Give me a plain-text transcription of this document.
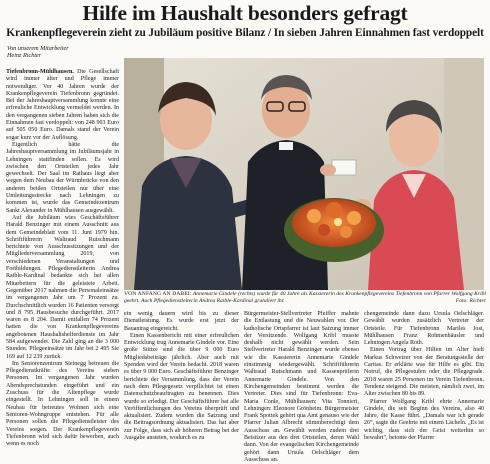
Hilfe im Haushalt besonders gefragt
Krankenpflegeverein zieht zu Jubiläum positive Bilanz / In sieben Jahren Einnahmen fast verdoppelt
Von unserem Mitarbeiter
Heinz Richter

Tiefenbronn-Mühlhausen. Die Gesellschaft wird immer älter und Pflege immer notwendiger. Vor 40 Jahren wurde der Krankenpflegeverein Tiefenbronn gegründet. Bei der Jahreshauptversammlung konnte eine erfreuliche Entwicklung vermeldet werden. In den vergangenen sieben Jahren haben sich die Einnahmen fast verdoppelt: von 248 903 Euro auf 505 050 Euro. Damals stand der Verein sogar kurz vor der Auflösung.

Eigentlich hätte die Jahreshauptversammlung im Jubiläumsjahr in Lehningen stattfinden sollen. Es wird zwischen den Ortsteilen jedes Jahr gewechselt. Der Saal im Rathaus liegt aber wegen dem Neubau der Würmbrücke von den anderen beiden Ortsteilen nur über eine Umleitungsstrecke nach Lehningen zu kommen ist, wurde das Gemeindezentrum Sankt Alexander in Mühlhausen ausgewählt.

Auf die Jubiläum wies Geschäftsführer Harald Benzinger mit einem Ausschnitt aus dem Gemeindeblatt vom 11. Juni 1979 hin. Schriftführerin Waltraud Rutschmann berichtete von Ausschussitzungen und der Mitgliederversammlung 2019, von verschiedenen Veranstaltungen und Fortbildungen. Pflegedienstleiterin Andrea Raible-Kardinal bedankte sich bei allen Mitarbeitern für die geleistete Arbeit. Gegenüber 2017 nahmen die Personaleinsätze im vergangenen Jahr um 7 Prozent zu. Durchschnittlich wurden 16 Patienten versorgt und 8 795 Hausbesuche durchgeführt. 2017 waren es 8 204. Damit entfallen 74 Prozent hatten die von Krankenpflegevereins angebotenen Haushaltshelferdienste im Jahr 584 aufgewendet. Die Zahl ging an die 3 000 Stunden. Pflegeeinsätze im Jahr bei 2 495 Sie 169 auf 12 239 zurück.

Im Seniorenzentrum Steinegg betreuen die Pflegedienstkräfte des Vereins sieben Personen. Im vergangenen Jahr wurden Abendsprechstunden eingeführt und ein Zuschuss für die Altenpflege wurde eingestellt. In Lehningen soll in einem Neubau für betreutes Wohnen sich eine Senioren-Wohngruppe entstehen. Für alle Personen sollen die Pflegedienstleister des Vereins sorgen. Der Krankenpflegeverein Tiefenbronn wird sich dafür bewerben, auch wenn es noch

VON ANFANG AN DABEI: Annemarie Gindele (rechts) wurde für 40 Jahre als Kassiererin des Krankenpflegevereins Tiefenbronn von Pfarrer Wolfgang Kribl geehrt. Auch Pflegedienstleiterin Andrea Raible-Kardinal gratuliert ihr.	Foto: Richter

ein wenig dauern wird bis zu dieser Dienstleistung. Es wurde erst jetzt der Bauantrag eingereicht.

Einen Kassenbericht mit einer erfreulichen Entwicklung trug Annemarie Gindele vor. Eine große Stütze sind die über 9 000 Euro Mitgliedsbeiträge jährlich. Aber auch mit Spenden wird der Verein bedacht. 2018 waren es über 9 000 Euro. Geschäftsführer Benzinger berichtete der Versammlung, dass der Verein nach dem Pflegegesetz verpflichtet ist einen Datenschutzbeauftragten zu benennen. Dies wurde so erledigt. Der Geschäftsführer hat alle Veröffentlichungen des Vereins überprüft und aktualisiert. Zudem wurden die Satzung und die Beitragsordnung aktualisiert. Das hat aber zur Folge, dass sich ab höheren Betrag bei der Ausgabe ansteten, wodurch es zu

Bürgermeister-Stellvertreter Pfeiffer mahnte die Entlastung und die Neuwahlen vor. Der katholische Ortspfarrer ist laut Satzung immer der Vorsitzende. Wolfgang Kribl musste deshalb nicht gewählt werden. Sein Stellvertreter Harald Benzinger wurde ebenso wie die Kassiererin Annemarie Gindele einstimmig wiedergewählt. Schriftführerin Waltraud Rutschmann und Kassenprüferin Annemarie Gindele. Von den Kirchengemeinden bestimmt werden die Vertreter. Dies sind für Tiefenbronn: Eva-Maria Conle, Mühlhausen: Vita Tonnieri, Lehningen: Eleonore Grönheim. Bürgermeister Frank Spottek gehört qua Amt genauso wie der Pfarrer Julian Albrecht stimmberechtigt dem Ausschuss an. Gewählt werden zudem drei Beisitzer aus den drei Ortsteilen, deren Wahl dann. Von der evangelischen Kirchengemeinde gehört dann Ursula Oelschläger dem Ausschuss an.

chengemeinde dann dazu Ursula Oelschläger. Gewählt wurden zusätzlich Vertreter der Ortsteile. Für Tiefenbronn Mariles Jost, Mühlhausen Franz Rohmenhäusler und Lehningen Angela Roth.

Einen Vortrag über Hilfen im Alter hielt Markus Schweizer von der Beratungsstelle der Caritas. Er erklärte was für Hilfe es gibt. Ein Notruf, die Pflegestufen oder die Pflegegrade. 2018 waren 25 Personen im Verein Tiefenbronn. Tendenz steigend. Die meisten, nämlich zwei, im Alter zwischen 80 bis 89.

Pfarrer Wolfgang Kribl ehrte Annemarie Gindele, die seit Beginn des Vereins, also 40 Jahre, die Kasse führt. „Damals war ich gerade 26“, sagte die Geehrte mit einem Lächeln. „Es ist wichtig, dass sich der Geist weiterhin so bewahrt", betonte der Pfarrer
